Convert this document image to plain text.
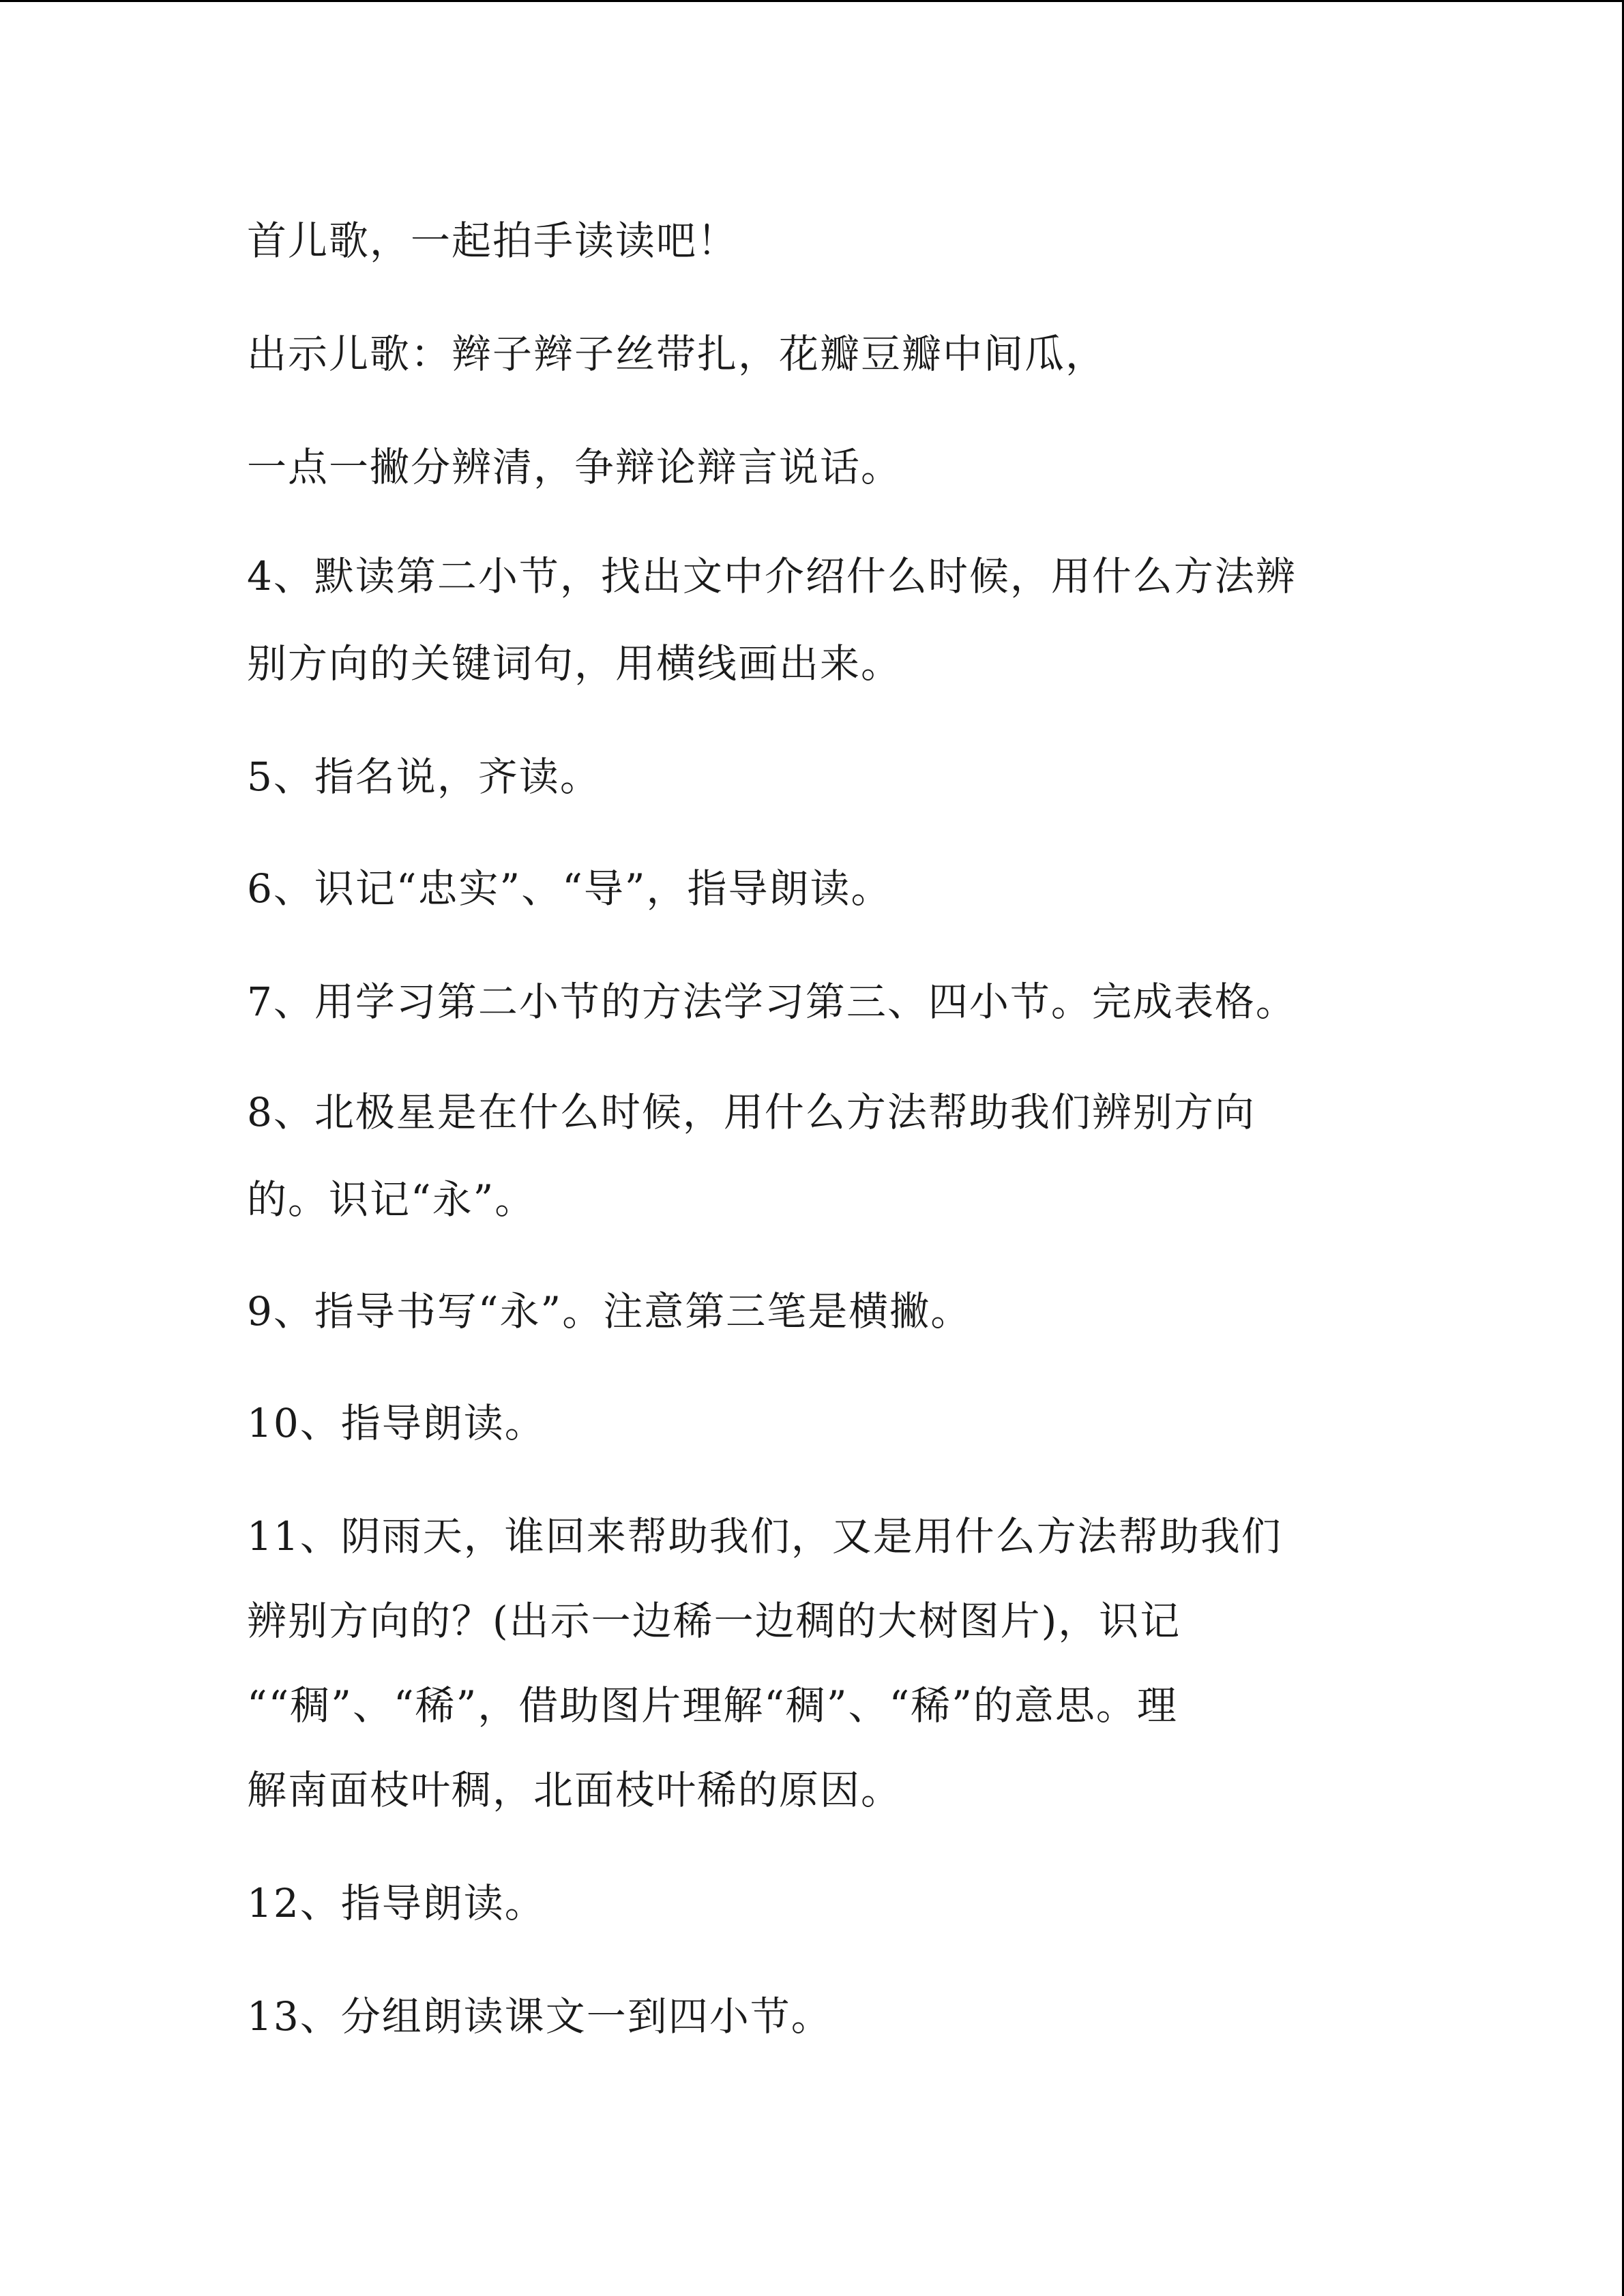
首儿歌，一起拍手读读吧！
出示儿歌：辫子辫子丝带扎，花瓣豆瓣中间瓜，
一点一撇分辨清，争辩论辩言说话。
4、默读第二小节，找出文中介绍什么时候，用什么方法辨
别方向的关键词句，用横线画出来。
5、指名说，齐读。
6、识记“忠实”、“导”，指导朗读。
7、用学习第二小节的方法学习第三、四小节。完成表格。
8、北极星是在什么时候，用什么方法帮助我们辨别方向
的。识记“永”。
9、指导书写“永”。注意第三笔是横撇。
10、指导朗读。
11、阴雨天，谁回来帮助我们，又是用什么方法帮助我们
辨别方向的？(出示一边稀一边稠的大树图片)，识记
““稠”、“稀”，借助图片理解“稠”、“稀”的意思。理
解南面枝叶稠，北面枝叶稀的原因。
12、指导朗读。
13、分组朗读课文一到四小节。
